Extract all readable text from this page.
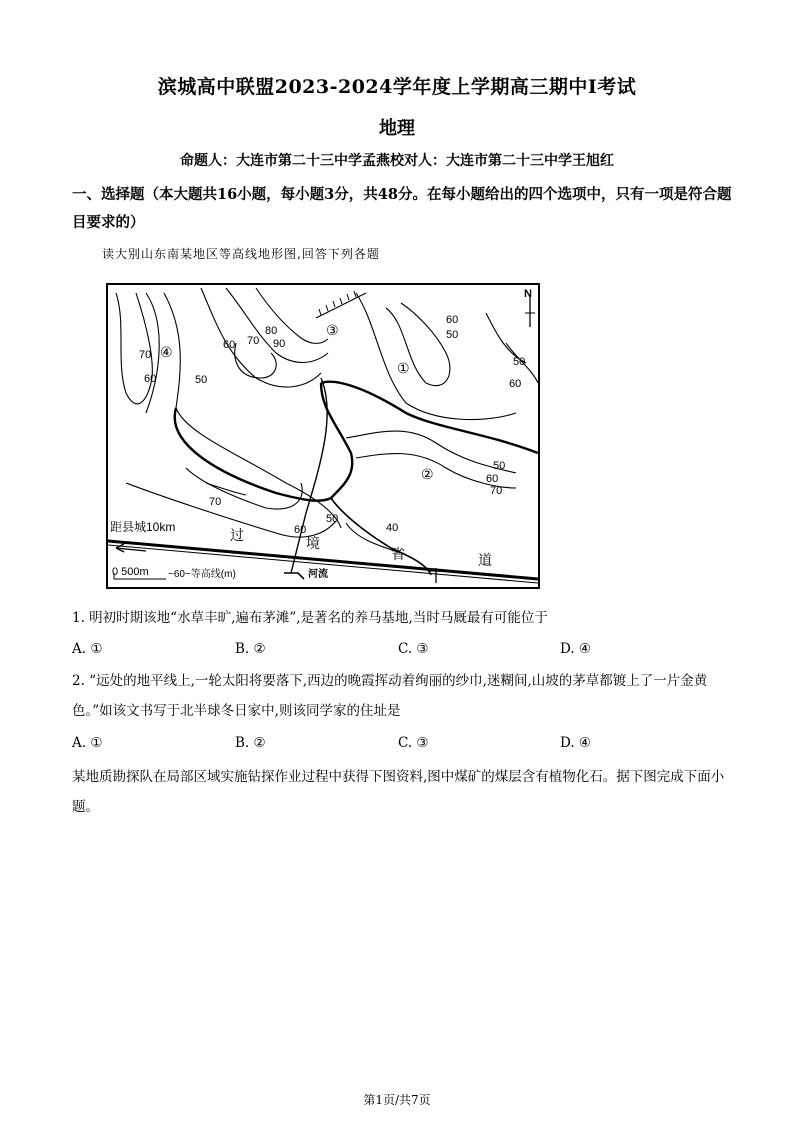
滨城高中联盟2023-2024学年度上学期高三期中Ⅰ考试
地理
命题人：大连市第二十三中学孟燕校对人：大连市第二十三中学王旭红
一、选择题（本大题共16小题，每小题3分，共48分。在每小题给出的四个选项中，只有一项是符合题目要求的）
读大别山东南某地区等高线地形图,回答下列各题
N
④
③
①
②
70
60	50
60 70
80
90
60
50
50
60
50
60
70
70
50
60	40
距县城10km	过	境
省	道
0 500m ~60~等高线(m)	河流
1. 明初时期该地“水草丰旷,遍布茅滩”,是著名的养马基地,当时马厩最有可能位于
A. ①	B. ②	C. ③	D. ④
2. “远处的地平线上,一轮太阳将要落下,西边的晚霞挥动着绚丽的纱巾,迷糊间,山坡的茅草都镀上了一片金黄色。”如该文书写于北半球冬日家中,则该同学家的住址是
A. ①	B. ②	C. ③	D. ④
某地质勘探队在局部区域实施钻探作业过程中获得下图资料,图中煤矿的煤层含有植物化石。据下图完成下面小题。
第1页/共7页
